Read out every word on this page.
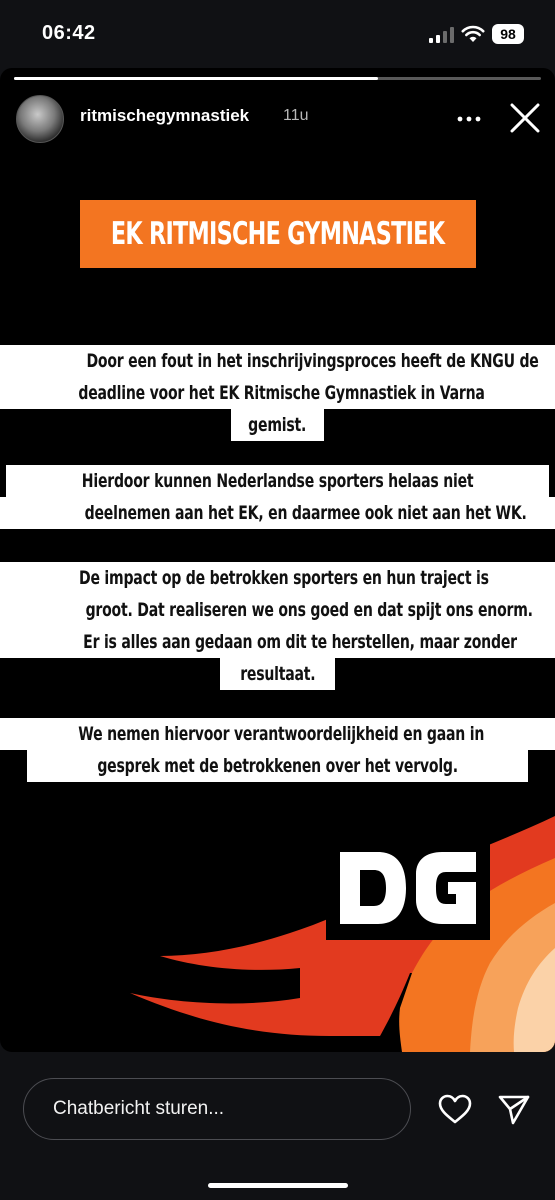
06:42	98
ritmischegymnastiek 11u
EK RITMISCHE GYMNASTIEK
Door een fout in het inschrijvingsproces heeft de KNGU de
deadline voor het EK Ritmische Gymnastiek in Varna
gemist.
Hierdoor kunnen Nederlandse sporters helaas niet
deelnemen aan het EK, en daarmee ook niet aan het WK.
De impact op de betrokken sporters en hun traject is
groot. Dat realiseren we ons goed en dat spijt ons enorm.
Er is alles aan gedaan om dit te herstellen, maar zonder
resultaat.
We nemen hiervoor verantwoordelijkheid en gaan in
gesprek met de betrokkenen over het vervolg.
Chatbericht sturen...
